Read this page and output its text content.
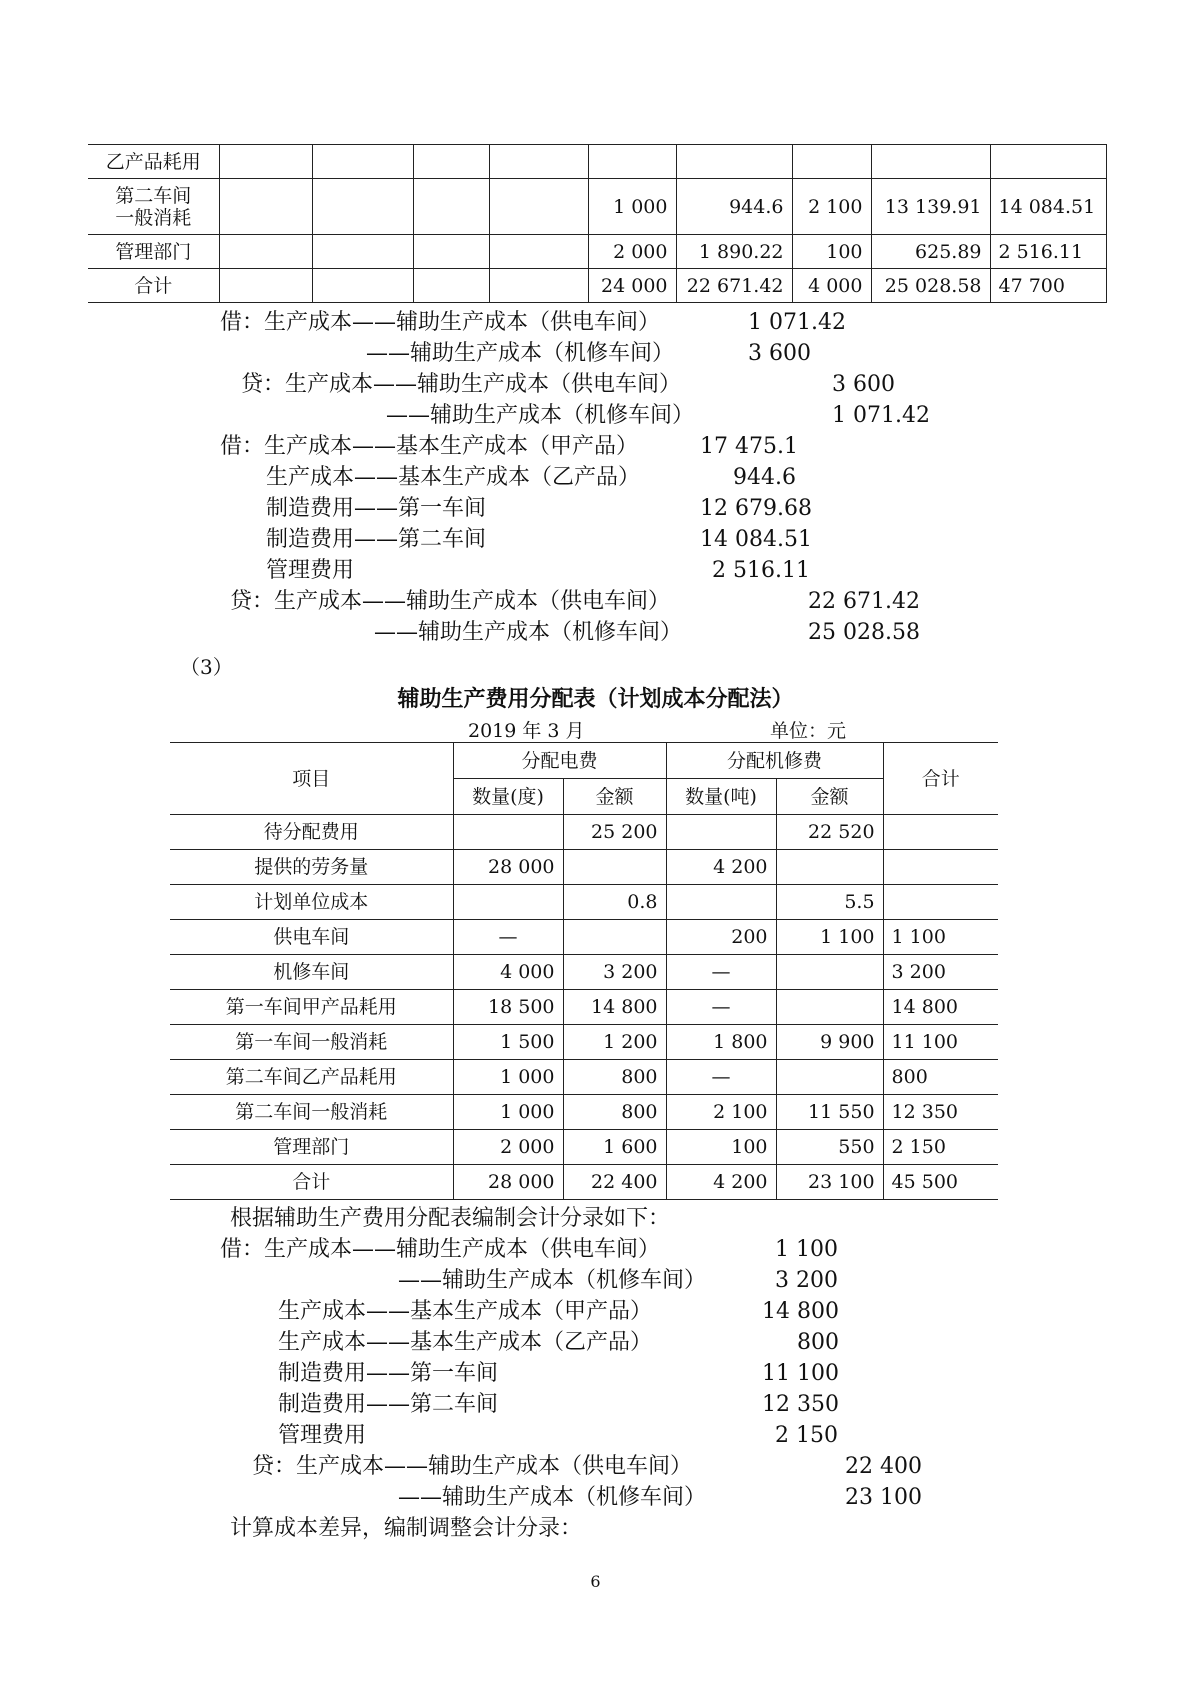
乙产品耗用									
第二车间
一般消耗					1 000	944.6	2 100	13 139.91	14 084.51
管理部门					2 000	1 890.22	100	625.89	2 516.11
合计					24 000	22 671.42	4 000	25 028.58	47 700
借：生产成本——辅助生产成本（供电车间）	1 071.42
——辅助生产成本（机修车间）	3 600
贷：生产成本——辅助生产成本（供电车间）	3 600
——辅助生产成本（机修车间）	1 071.42
借：生产成本——基本生产成本（甲产品）	17 475.1
生产成本——基本生产成本（乙产品）	944.6
制造费用——第一车间	12 679.68
制造费用——第二车间	14 084.51
管理费用	2 516.11
贷：生产成本——辅助生产成本（供电车间）	22 671.42
——辅助生产成本（机修车间）	25 028.58
（3）
辅助生产费用分配表（计划成本分配法）
2019 年 3 月	单位：元
项目	分配电费		分配机修费		合计
	数量(度)	金额	数量(吨)	金额	
待分配费用		25 200		22 520	
提供的劳务量	28 000		4 200		
计划单位成本		0.8		5.5	
供电车间	—		200	1 100	1 100
机修车间	4 000	3 200	—		3 200
第一车间甲产品耗用	18 500	14 800	—		14 800
第一车间一般消耗	1 500	1 200	1 800	9 900	11 100
第二车间乙产品耗用	1 000	800	—		800
第二车间一般消耗	1 000	800	2 100	11 550	12 350
管理部门	2 000	1 600	100	550	2 150
合计	28 000	22 400	4 200	23 100	45 500
根据辅助生产费用分配表编制会计分录如下：
借：生产成本——辅助生产成本（供电车间）	1 100
——辅助生产成本（机修车间）	3 200
生产成本——基本生产成本（甲产品）	14 800
生产成本——基本生产成本（乙产品）	800
制造费用——第一车间	11 100
制造费用——第二车间	12 350
管理费用	2 150
贷：生产成本——辅助生产成本（供电车间）	22 400
——辅助生产成本（机修车间）	23 100
计算成本差异，编制调整会计分录：
6
